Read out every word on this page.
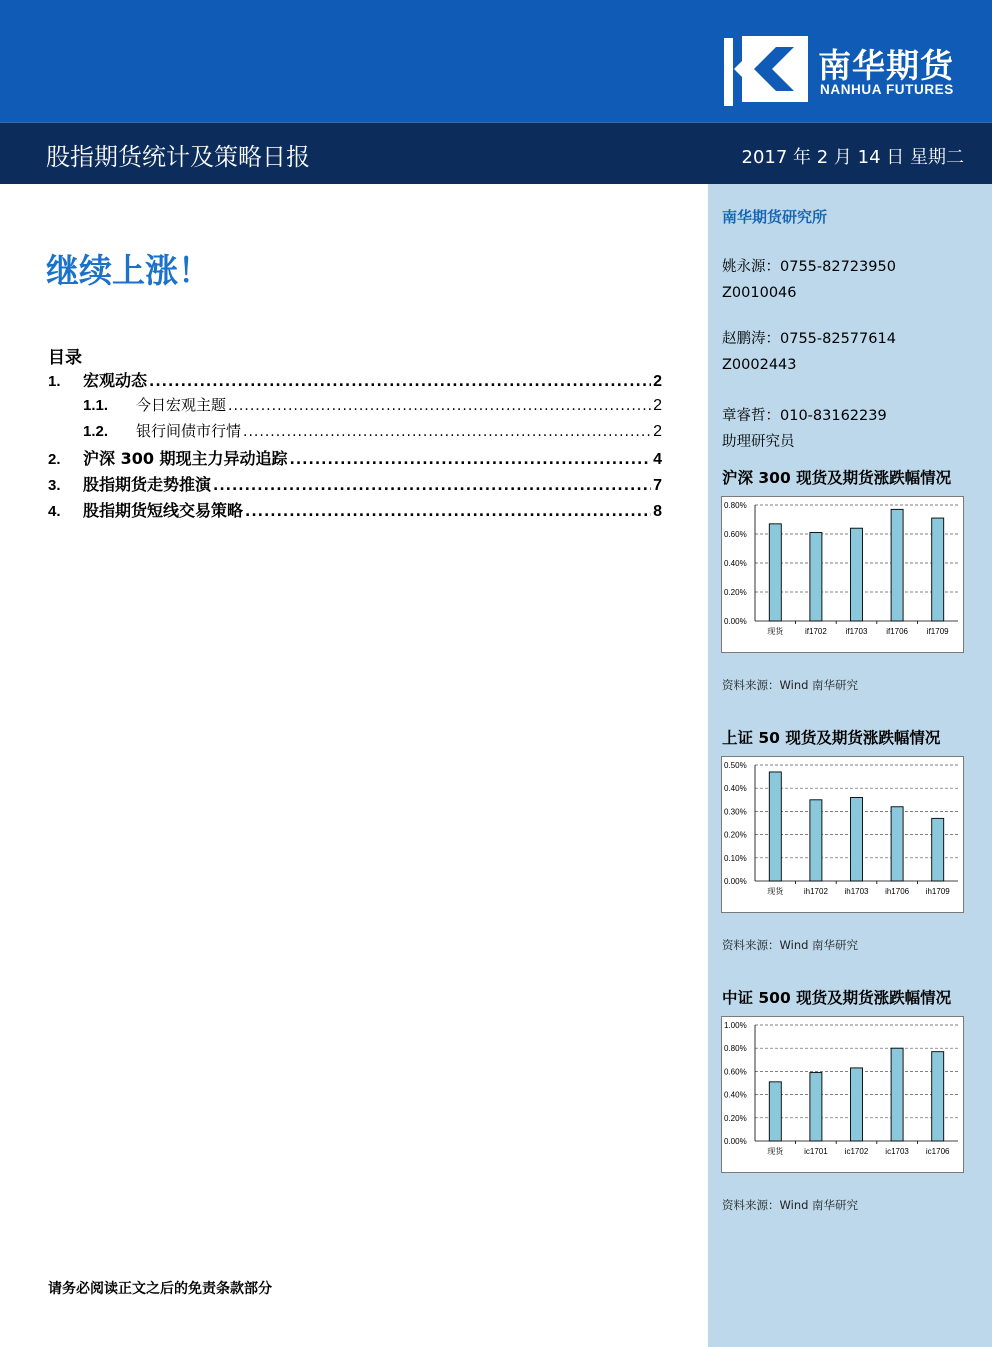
南华期货
NANHUA FUTURES
股指期货统计及策略日报	2017 年 2 月 14 日 星期二
继续上涨！
目录
1.	宏观动态 .....	2
1.1.	今日宏观主题 .....	2
1.2.	银行间债市行情 .....	2
2.	沪深 300 期现主力异动追踪 .....	4
3.	股指期货走势推演 .....	7
4.	股指期货短线交易策略 .....	8
请务必阅读正文之后的免责条款部分
南华期货研究所
姚永源：0755-82723950
Z0010046
赵鹏涛：0755-82577614
Z0002443
章睿哲：010-83162239
助理研究员
沪深 300 现货及期货涨跌幅情况
0.00%
0.20%
0.40%
0.60%
0.80%
现货	if1702 if1703 if1706 if1709
资料来源：Wind 南华研究
上证 50 现货及期货涨跌幅情况
0.00%
0.10%
0.20%
0.30%
0.40%
0.50%
现货	ih1702 ih1703 ih1706 ih1709
资料来源：Wind 南华研究
中证 500 现货及期货涨跌幅情况
0.00%
0.20%
0.40%
0.60%
0.80%
1.00%
现货	ic1701 ic1702 ic1703 ic1706
资料来源：Wind 南华研究
